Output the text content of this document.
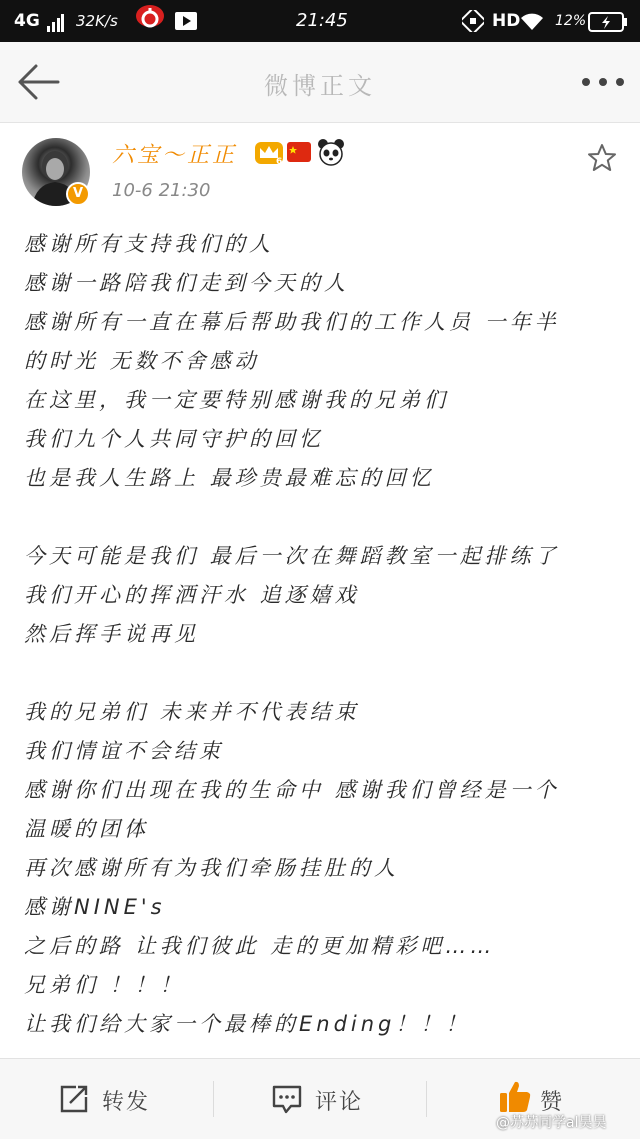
4G 32K/s	21:45	HD 12%
微博正文
V
六宝～正正	6
10-6 21:30
感谢所有支持我们的人
感谢一路陪我们走到今天的人
感谢所有一直在幕后帮助我们的工作人员 一年半
的时光 无数不舍感动
在这里，我一定要特别感谢我的兄弟们
我们九个人共同守护的回忆
也是我人生路上 最珍贵最难忘的回忆
今天可能是我们 最后一次在舞蹈教室一起排练了
我们开心的挥洒汗水 追逐嬉戏
然后挥手说再见
我的兄弟们 未来并不代表结束
我们情谊不会结束
感谢你们出现在我的生命中 感谢我们曾经是一个
温暖的团体
再次感谢所有为我们牵肠挂肚的人
感谢NINE's
之后的路 让我们彼此 走的更加精彩吧……
兄弟们 ！！！
让我们给大家一个最棒的Ending！！！
转发	评论	赞
@苏苏同学al昊昊
